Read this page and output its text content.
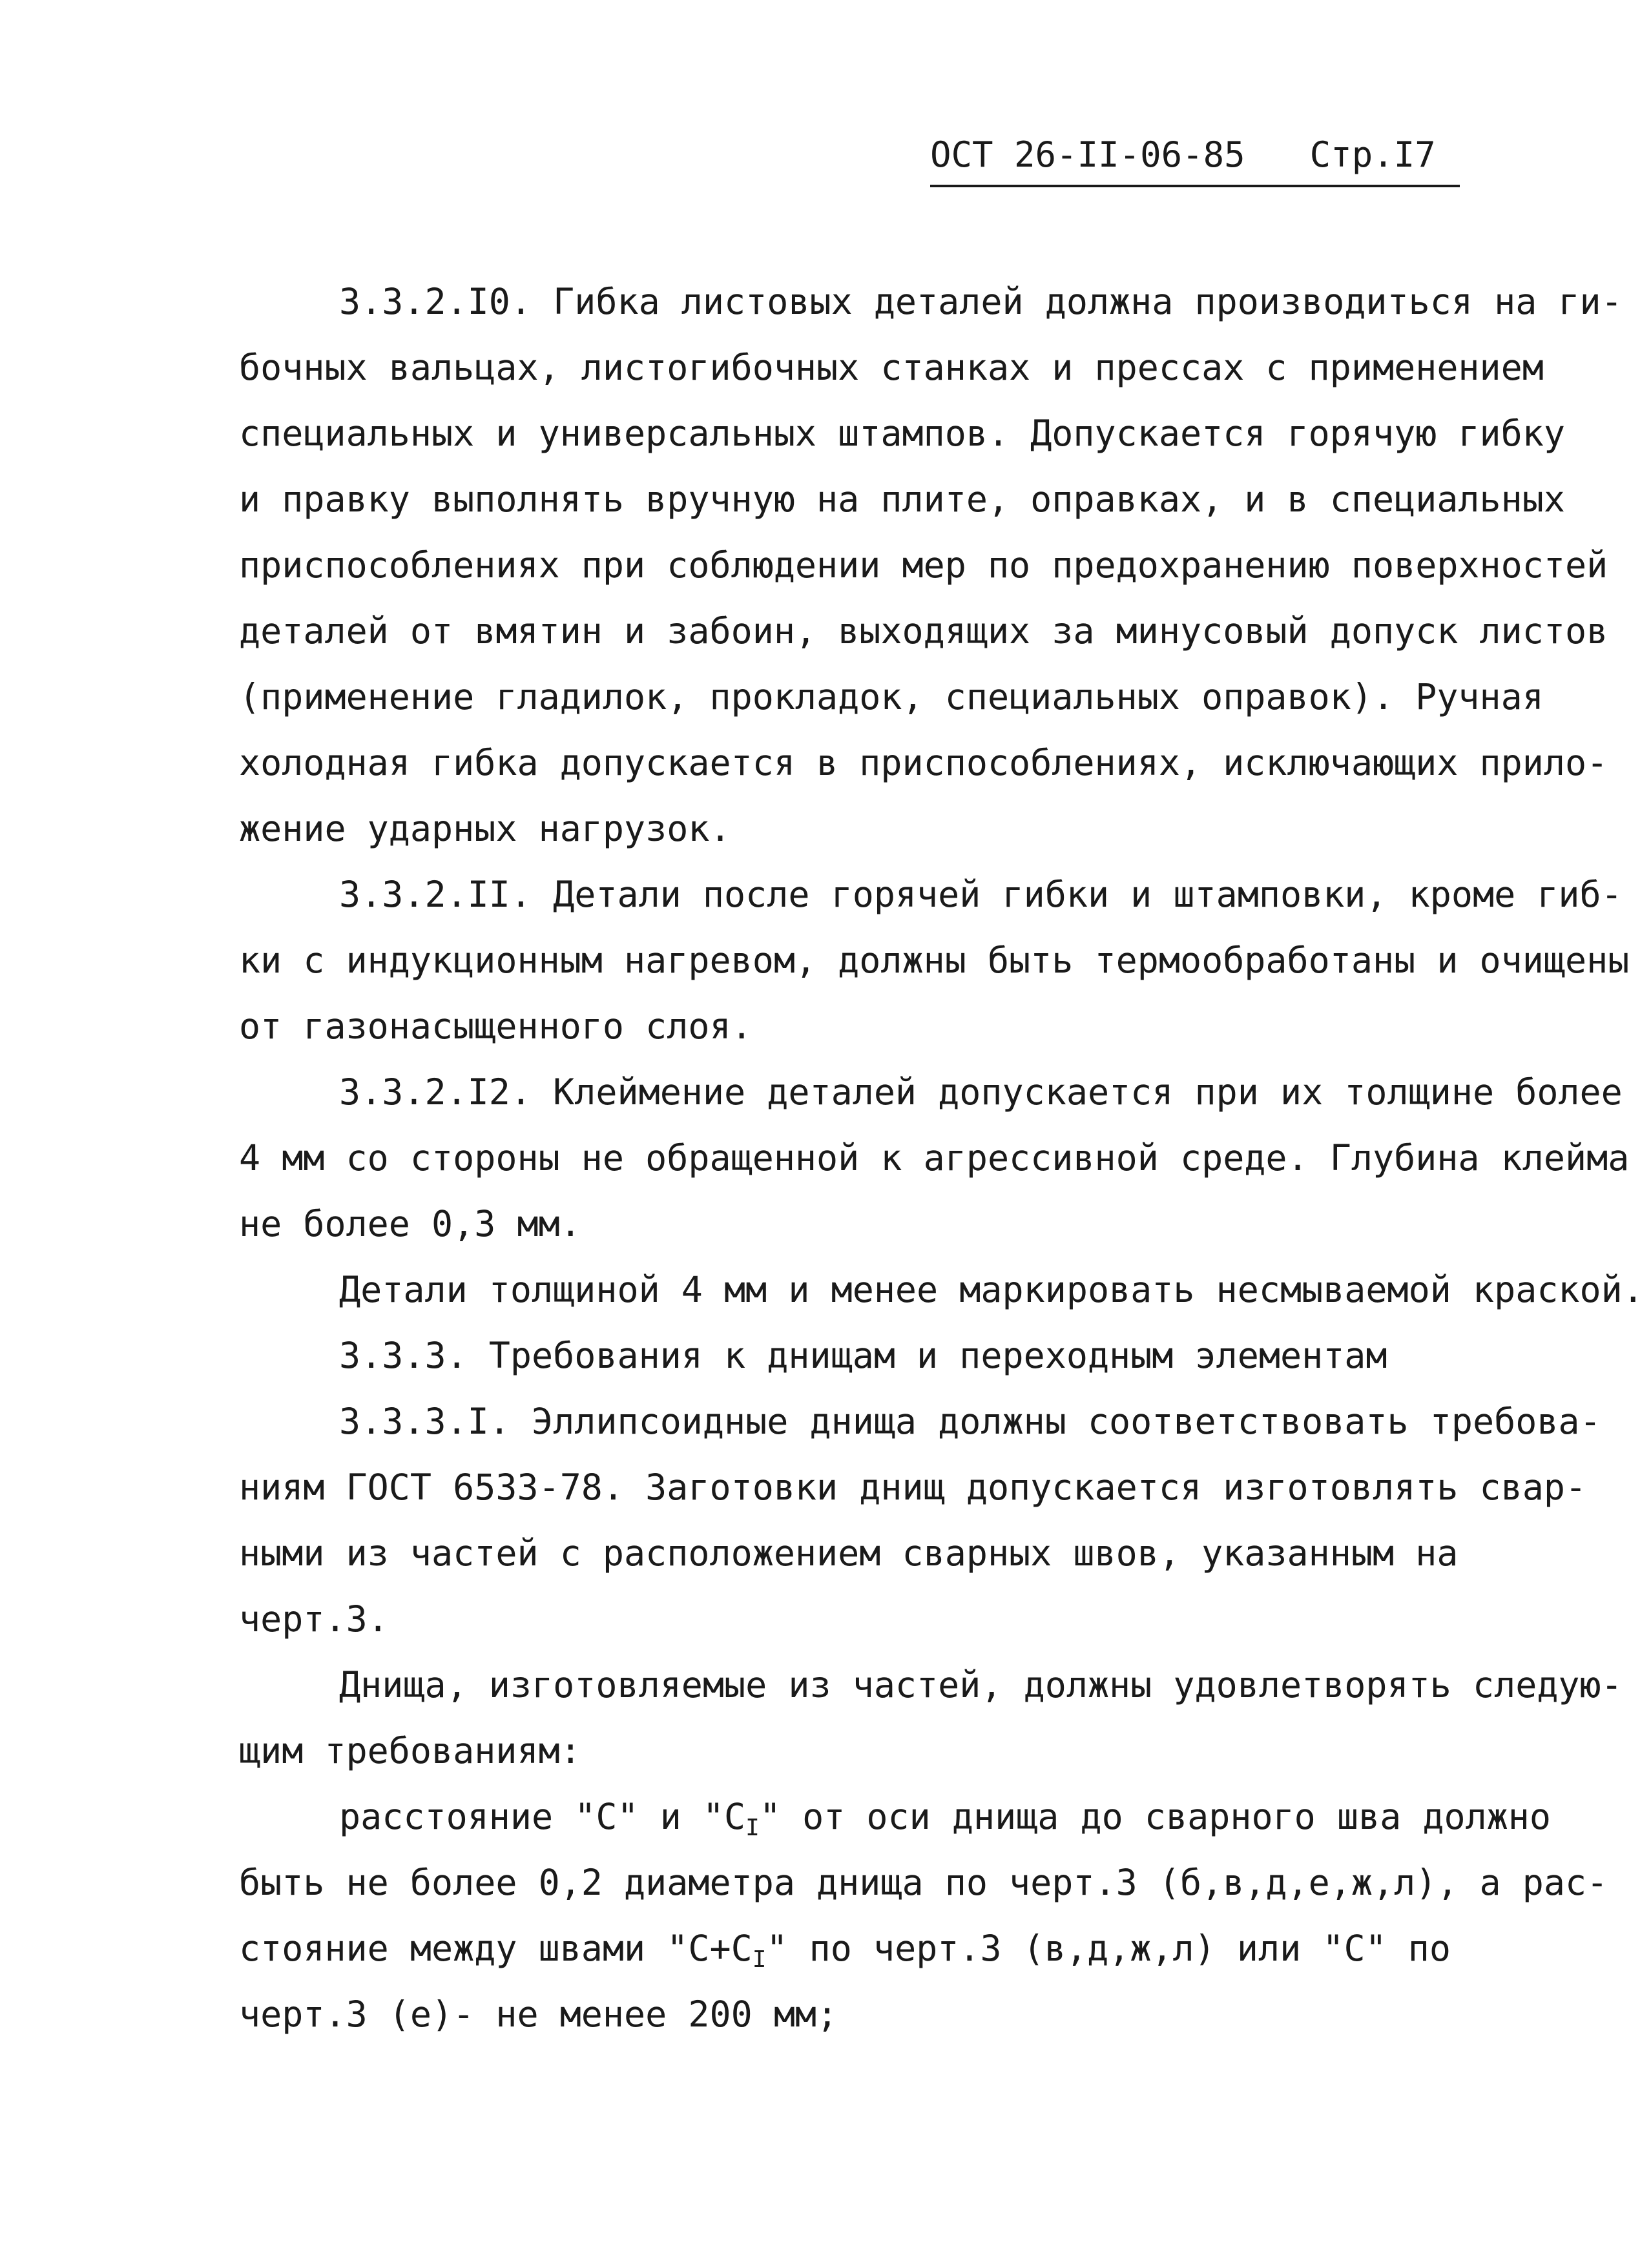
ОСТ 26-II-06-85 Стр.I7
3.3.2.I0. Гибка листовых деталей должна производиться на ги-
бочных вальцах, листогибочных станках и прессах с применением
специальных и универсальных штампов. Допускается горячую гибку
и правку выполнять вручную на плите, оправках, и в специальных
приспособлениях при соблюдении мер по предохранению поверхностей
деталей от вмятин и забоин, выходящих за минусовый допуск листов
(применение гладилок, прокладок, специальных оправок). Ручная
холодная гибка допускается в приспособлениях, исключающих прило-
жение ударных нагрузок.
3.3.2.II. Детали после горячей гибки и штамповки, кроме гиб-
ки с индукционным нагревом, должны быть термообработаны и очищены
от газонасыщенного слоя.
3.3.2.I2. Клеймение деталей допускается при их толщине более
4 мм со стороны не обращенной к агрессивной среде. Глубина клейма
не более 0,3 мм.
Детали толщиной 4 мм и менее маркировать несмываемой краской.
3.3.3. Требования к днищам и переходным элементам
3.3.3.I. Эллипсоидные днища должны соответствовать требова-
ниям ГОСТ 6533-78. Заготовки днищ допускается изготовлять свар-
ными из частей с расположением сварных швов, указанным на
черт.3.
Днища, изготовляемые из частей, должны удовлетворять следую-
щим требованиям:
расстояние "С" и "$С_I$" от оси днища до сварного шва должно
быть не более 0,2 диаметра днища по черт.3 (б,в,д,е,ж,л), а рас-
стояние между швами "$С+С_I$" по черт.3 (в,д,ж,л) или "С" по
черт.3 (е)- не менее 200 мм;
